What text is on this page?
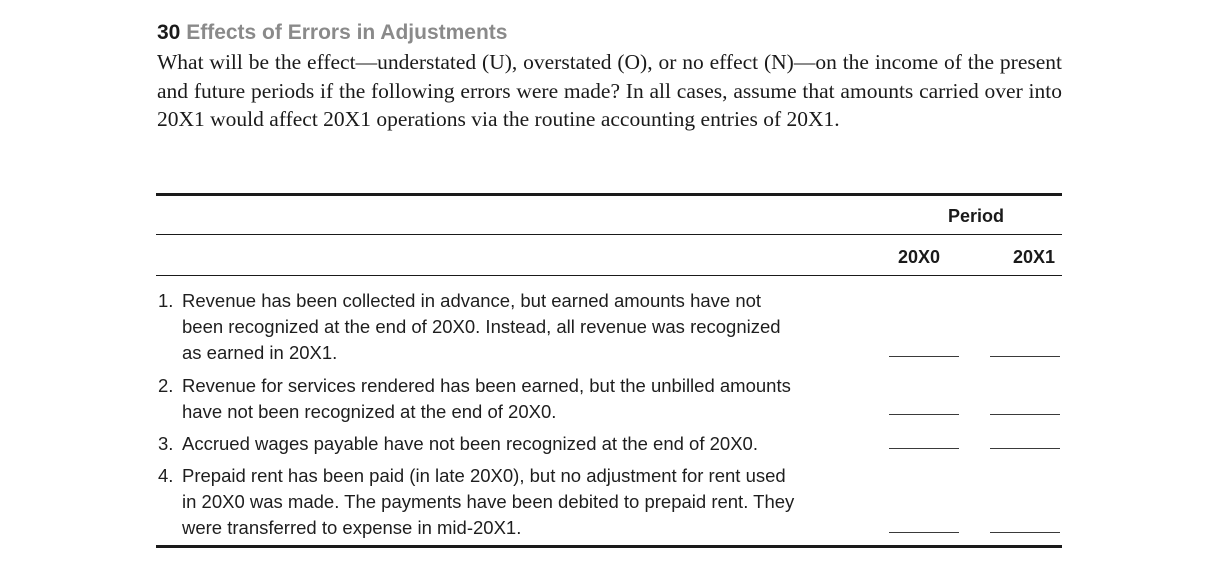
30 Effects of Errors in Adjustments

What will be the effect—understated (U), overstated (O), or no effect (N)—on the income of the present and future periods if the following errors were made? In all cases, assume that amounts carried over into 20X1 would affect 20X1 operations via the routine accounting entries of 20X1.

Period
20X0	20X1
1. Revenue has been collected in advance, but earned amounts have not
been recognized at the end of 20X0. Instead, all revenue was recognized
as earned in 20X1.
2. Revenue for services rendered has been earned, but the unbilled amounts
have not been recognized at the end of 20X0.
3. Accrued wages payable have not been recognized at the end of 20X0.
4. Prepaid rent has been paid (in late 20X0), but no adjustment for rent used
in 20X0 was made. The payments have been debited to prepaid rent. They
were transferred to expense in mid-20X1.
